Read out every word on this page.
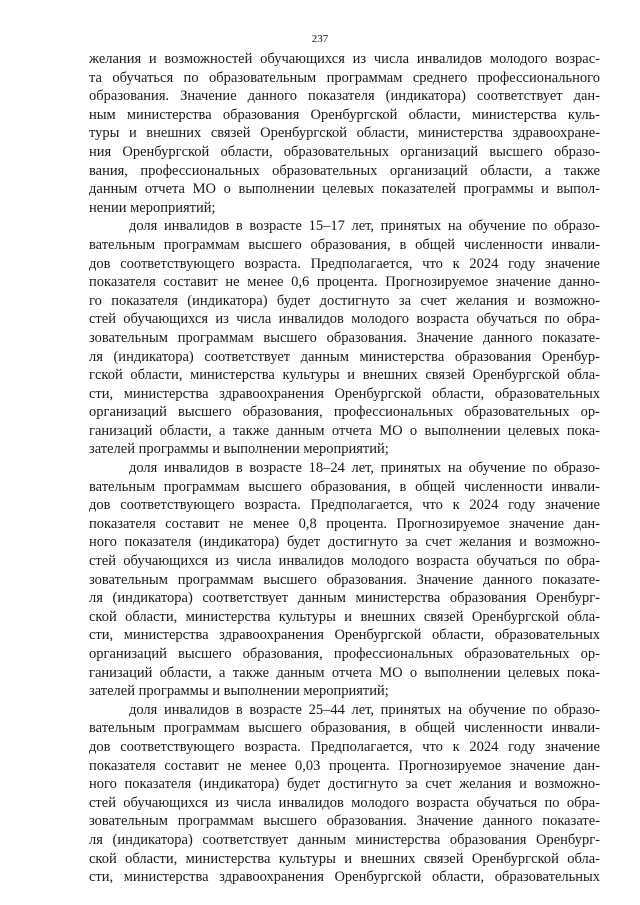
237
желания и возможностей обучающихся из числа инвалидов молодого возрас-
та обучаться по образовательным программам среднего профессионального
образования. Значение данного показателя (индикатора) соответствует дан-
ным министерства образования Оренбургской области, министерства куль-
туры и внешних связей Оренбургской области, министерства здравоохране-
ния Оренбургской области, образовательных организаций высшего образо-
вания, профессиональных образовательных организаций области, а также
данным отчета МО о выполнении целевых показателей программы и выпол-
нении мероприятий;
доля инвалидов в возрасте 15–17 лет, принятых на обучение по образо-
вательным программам высшего образования, в общей численности инвали-
дов соответствующего возраста. Предполагается, что к 2024 году значение
показателя составит не менее 0,6 процента. Прогнозируемое значение данно-
го показателя (индикатора) будет достигнуто за счет желания и возможно-
стей обучающихся из числа инвалидов молодого возраста обучаться по обра-
зовательным программам высшего образования. Значение данного показате-
ля (индикатора) соответствует данным министерства образования Оренбур-
гской области, министерства культуры и внешних связей Оренбургской обла-
сти, министерства здравоохранения Оренбургской области, образовательных
организаций высшего образования, профессиональных образовательных ор-
ганизаций области, а также данным отчета МО о выполнении целевых пока-
зателей программы и выполнении мероприятий;
доля инвалидов в возрасте 18–24 лет, принятых на обучение по образо-
вательным программам высшего образования, в общей численности инвали-
дов соответствующего возраста. Предполагается, что к 2024 году значение
показателя составит не менее 0,8 процента. Прогнозируемое значение дан-
ного показателя (индикатора) будет достигнуто за счет желания и возможно-
стей обучающихся из числа инвалидов молодого возраста обучаться по обра-
зовательным программам высшего образования. Значение данного показате-
ля (индикатора) соответствует данным министерства образования Оренбург-
ской области, министерства культуры и внешних связей Оренбургской обла-
сти, министерства здравоохранения Оренбургской области, образовательных
организаций высшего образования, профессиональных образовательных ор-
ганизаций области, а также данным отчета МО о выполнении целевых пока-
зателей программы и выполнении мероприятий;
доля инвалидов в возрасте 25–44 лет, принятых на обучение по образо-
вательным программам высшего образования, в общей численности инвали-
дов соответствующего возраста. Предполагается, что к 2024 году значение
показателя составит не менее 0,03 процента. Прогнозируемое значение дан-
ного показателя (индикатора) будет достигнуто за счет желания и возможно-
стей обучающихся из числа инвалидов молодого возраста обучаться по обра-
зовательным программам высшего образования. Значение данного показате-
ля (индикатора) соответствует данным министерства образования Оренбург-
ской области, министерства культуры и внешних связей Оренбургской обла-
сти, министерства здравоохранения Оренбургской области, образовательных
